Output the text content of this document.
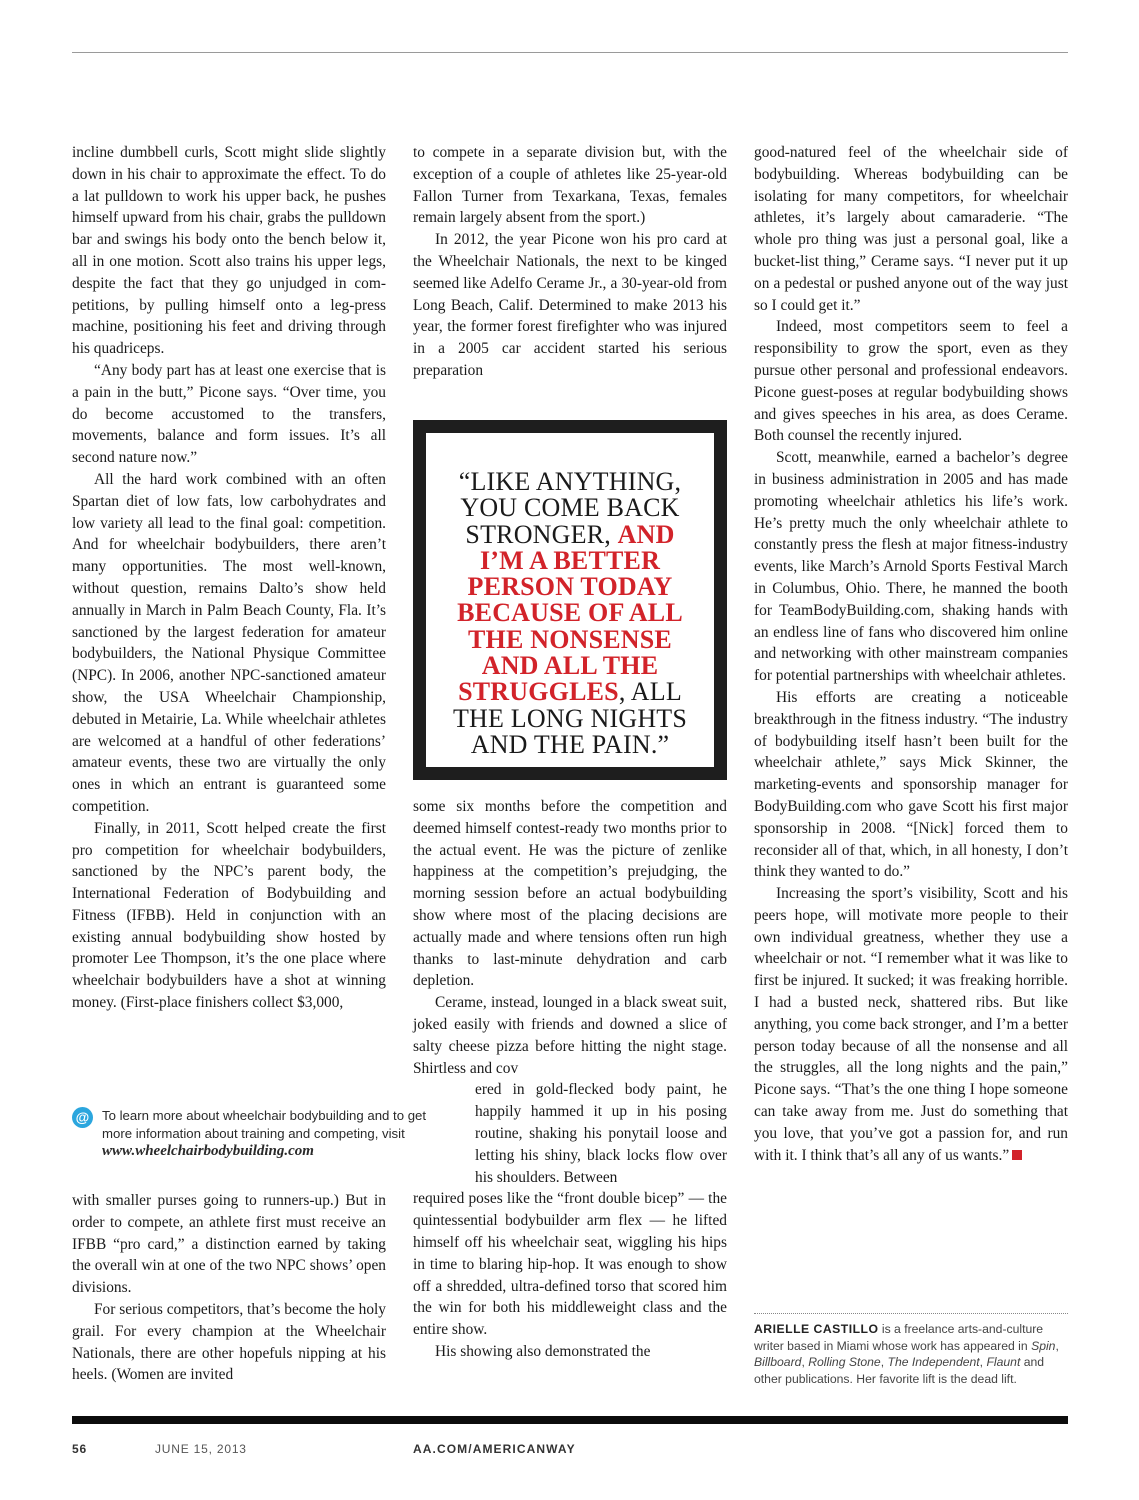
incline dumbbell curls, Scott might slide slightly down in his chair to approximate the effect. To do a lat pulldown to work his upper back, he pushes himself upward from his chair, grabs the pulldown bar and swings his body onto the bench below it, all in one motion. Scott also trains his upper legs, despite the fact that they go unjudged in competitions, by pulling himself onto a leg-press machine, positioning his feet and driving through his quadriceps.

“Any body part has at least one exercise that is a pain in the butt,” Picone says. “Over time, you do become accustomed to the transfers, movements, balance and form issues. It’s all second nature now.”

All the hard work combined with an often Spartan diet of low fats, low carbohydrates and low variety all lead to the final goal: competition. And for wheelchair bodybuilders, there aren’t many opportunities. The most well-known, without question, remains Dalto’s show held annually in March in Palm Beach County, Fla. It’s sanctioned by the largest federation for amateur bodybuilders, the National Physique Committee (NPC). In 2006, another NPC-sanctioned amateur show, the USA Wheelchair Championship, debuted in Metairie, La. While wheelchair athletes are welcomed at a handful of other federations’ amateur events, these two are virtually the only ones in which an entrant is guaranteed some competition.

Finally, in 2011, Scott helped create the first pro competition for wheelchair bodybuilders, sanctioned by the NPC’s parent body, the International Federation of Bodybuilding and Fitness (IFBB). Held in conjunction with an existing annual bodybuilding show hosted by promoter Lee Thompson, it’s the one place where wheelchair bodybuilders have a shot at winning money. (First-place finishers collect $3,000,

with smaller purses going to runners-up.) But in order to compete, an athlete first must receive an IFBB “pro card,” a distinction earned by taking the overall win at one of the two NPC shows’ open divisions.

For serious competitors, that’s become the holy grail. For every champion at the Wheelchair Nationals, there are other hopefuls nipping at his heels. (Women are invited

to compete in a separate division but, with the exception of a couple of athletes like 25-year-old Fallon Turner from Texarkana, Texas, females remain largely absent from the sport.)

In 2012, the year Picone won his pro card at the Wheelchair Nationals, the next to be kinged seemed like Adelfo Cerame Jr., a 30-year-old from Long Beach, Calif. Determined to make 2013 his year, the former forest firefighter who was injured in a 2005 car accident started his serious preparation

some six months before the competition and deemed himself contest-ready two months prior to the actual event. He was the picture of zenlike happiness at the competition’s prejudging, the morning session before an actual bodybuilding show where most of the placing decisions are actually made and where tensions often run high thanks to last-minute dehydration and carb depletion.

Cerame, instead, lounged in a black sweat suit, joked easily with friends and downed a slice of salty cheese pizza before hitting the night stage. Shirtless and cov

ered in gold-flecked body paint, he happily hammed it up in his posing routine, shaking his ponytail loose and letting his shiny, black locks flow over his shoulders. Between

required poses like the “front double bicep” — the quintessential bodybuilder arm flex — he lifted himself off his wheelchair seat, wiggling his hips in time to blaring hip-hop. It was enough to show off a shredded, ultra-defined torso that scored him the win for both his middleweight class and the entire show.

His showing also demonstrated the

good-natured feel of the wheelchair side of bodybuilding. Whereas bodybuilding can be isolating for many competitors, for wheelchair athletes, it’s largely about camaraderie. “The whole pro thing was just a personal goal, like a bucket-list thing,” Cerame says. “I never put it up on a pedestal or pushed anyone out of the way just so I could get it.”

Indeed, most competitors seem to feel a responsibility to grow the sport, even as they pursue other personal and professional endeavors. Picone guest-poses at regular bodybuilding shows and gives speeches in his area, as does Cerame. Both counsel the recently injured.

Scott, meanwhile, earned a bachelor’s degree in business administration in 2005 and has made promoting wheelchair athletics his life’s work. He’s pretty much the only wheelchair athlete to constantly press the flesh at major fitness-industry events, like March’s Arnold Sports Festival March in Columbus, Ohio. There, he manned the booth for TeamBodyBuilding.com, shaking hands with an endless line of fans who discovered him online and networking with other mainstream companies for potential partnerships with wheelchair athletes.

His efforts are creating a noticeable breakthrough in the fitness industry. “The industry of bodybuilding itself hasn’t been built for the wheelchair athlete,” says Mick Skinner, the marketing-events and sponsorship manager for BodyBuilding.com who gave Scott his first major sponsorship in 2008. “[Nick] forced them to reconsider all of that, which, in all honesty, I don’t think they wanted to do.”

Increasing the sport’s visibility, Scott and his peers hope, will motivate more people to their own individual greatness, whether they use a wheelchair or not. “I remember what it was like to first be injured. It sucked; it was freaking horrible. I had a busted neck, shattered ribs. But like anything, you come back stronger, and I’m a better person today because of all the nonsense and all the struggles, all the long nights and the pain,” Picone says. “That’s the one thing I hope someone can take away from me. Just do something that you love, that you’ve got a passion for, and run with it. I think that’s all any of us wants.”

“LIKE ANYTHING, YOU COME BACK STRONGER, AND I’M A BETTER PERSON TODAY BECAUSE OF ALL THE NONSENSE AND ALL THE STRUGGLES, ALL THE LONG NIGHTS AND THE PAIN.”
@ To learn more about wheelchair bodybuilding and to get more information about training and competing, visit www.wheelchairbodybuilding.com
ARIELLE CASTILLO is a freelance arts-and-culture writer based in Miami whose work has appeared in Spin, Billboard, Rolling Stone, The Independent, Flaunt and other publications. Her favorite lift is the dead lift.
56	JUNE 15, 2013	AA.COM/AMERICANWAY
